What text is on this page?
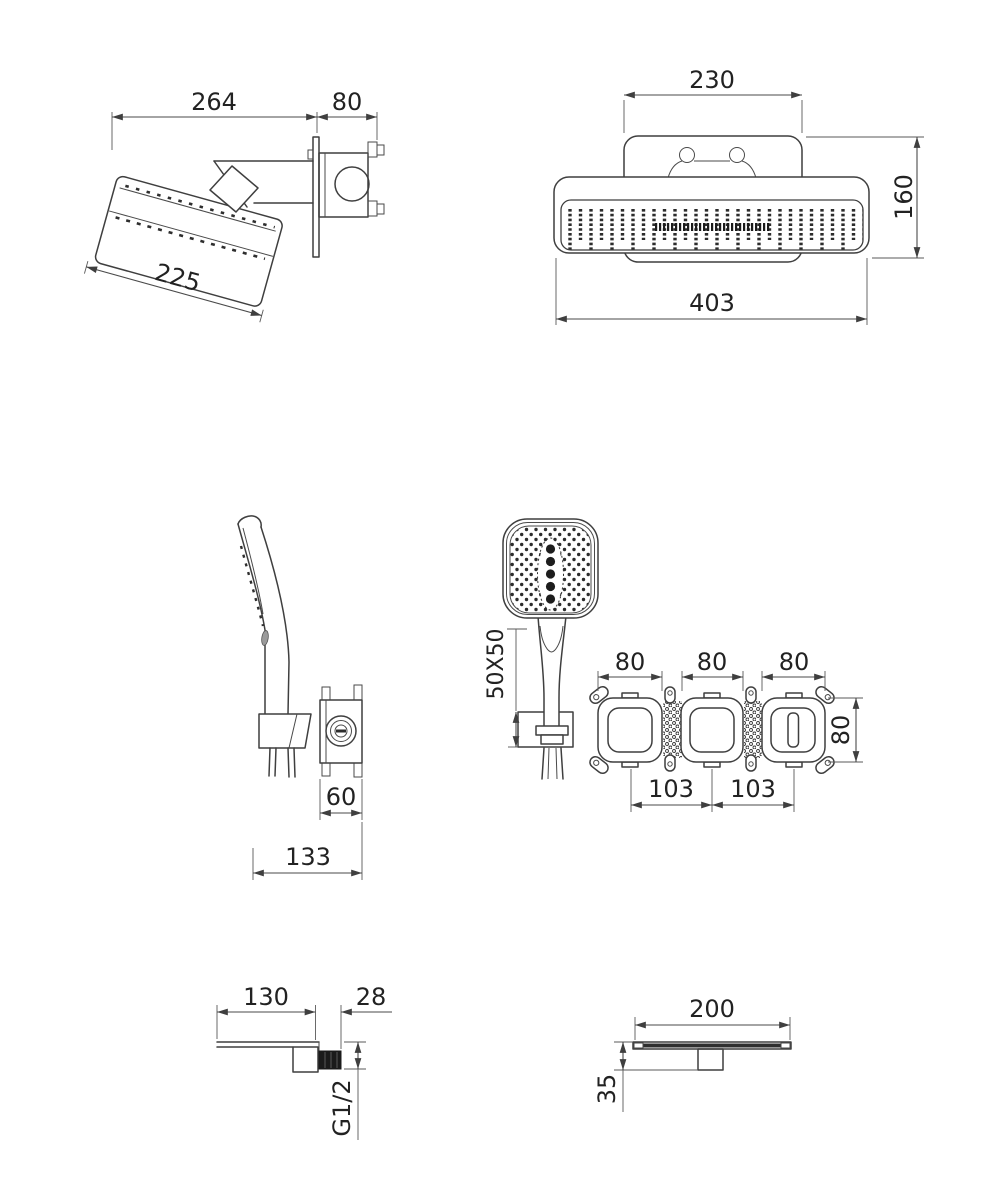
225
264	80
230
160
403
60
133
50X50	80 80 80
80
103 103
130	28
G1/2
200
35
